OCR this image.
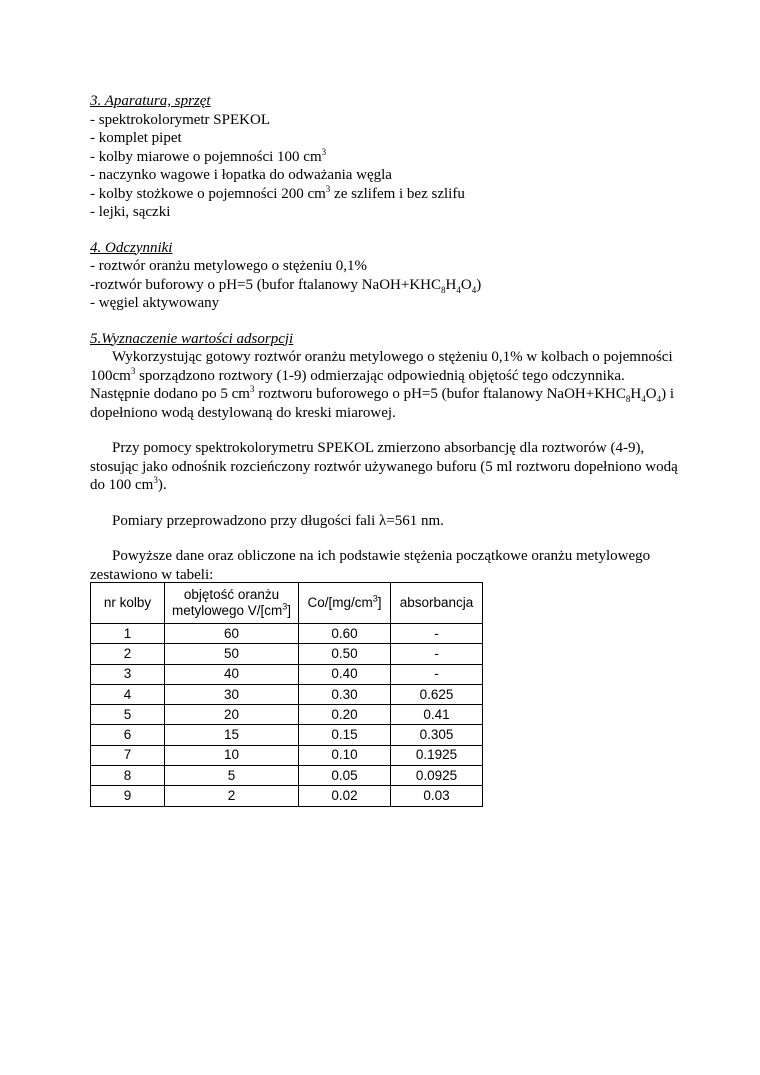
3. Aparatura, sprzęt
- spektrokolorymetr SPEKOL
- komplet pipet
- kolby miarowe o pojemności 100 $cm^3$
- naczynko wagowe i łopatka do odważania węgla
- kolby stożkowe o pojemności 200 $cm^3$ ze szlifem i bez szlifu
- lejki, sączki
4. Odczynniki
- roztwór oranżu metylowego o stężeniu 0,1%
-roztwór buforowy o pH=5 (bufor ftalanowy $NaOH+KHC_8H_4O_4$)
- węgiel aktywowany
5.Wyznaczenie wartości adsorpcji

Wykorzystując gotowy roztwór oranżu metylowego o stężeniu 0,1% w kolbach o pojemności $100cm^3$ sporządzono roztwory (1-9) odmierzając odpowiednią objętość tego odczynnika. Następnie dodano po 5 $cm^3$ roztworu buforowego o pH=5 (bufor ftalanowy $NaOH+KHC_8H_4O_4$) i dopełniono wodą destylowaną do kreski miarowej.

Przy pomocy spektrokolorymetru SPEKOL zmierzono absorbancję dla roztworów (4-9), stosując jako odnośnik rozcieńczony roztwór używanego buforu (5 ml roztworu dopełniono wodą do 100 $cm^3$).

Pomiary przeprowadzono przy długości fali λ=561 nm.

Powyższe dane oraz obliczone na ich podstawie stężenia początkowe oranżu metylowego zestawiono w tabeli:

nr kolby	objętość oranżu
metylowego $V/[cm^3]$	$Co/[mg/cm^3]$	absorbancja
1	60	0.60	-
2	50	0.50	-
3	40	0.40	-
4	30	0.30	0.625
5	20	0.20	0.41
6	15	0.15	0.305
7	10	0.10	0.1925
8	5	0.05	0.0925
9	2	0.02	0.03
